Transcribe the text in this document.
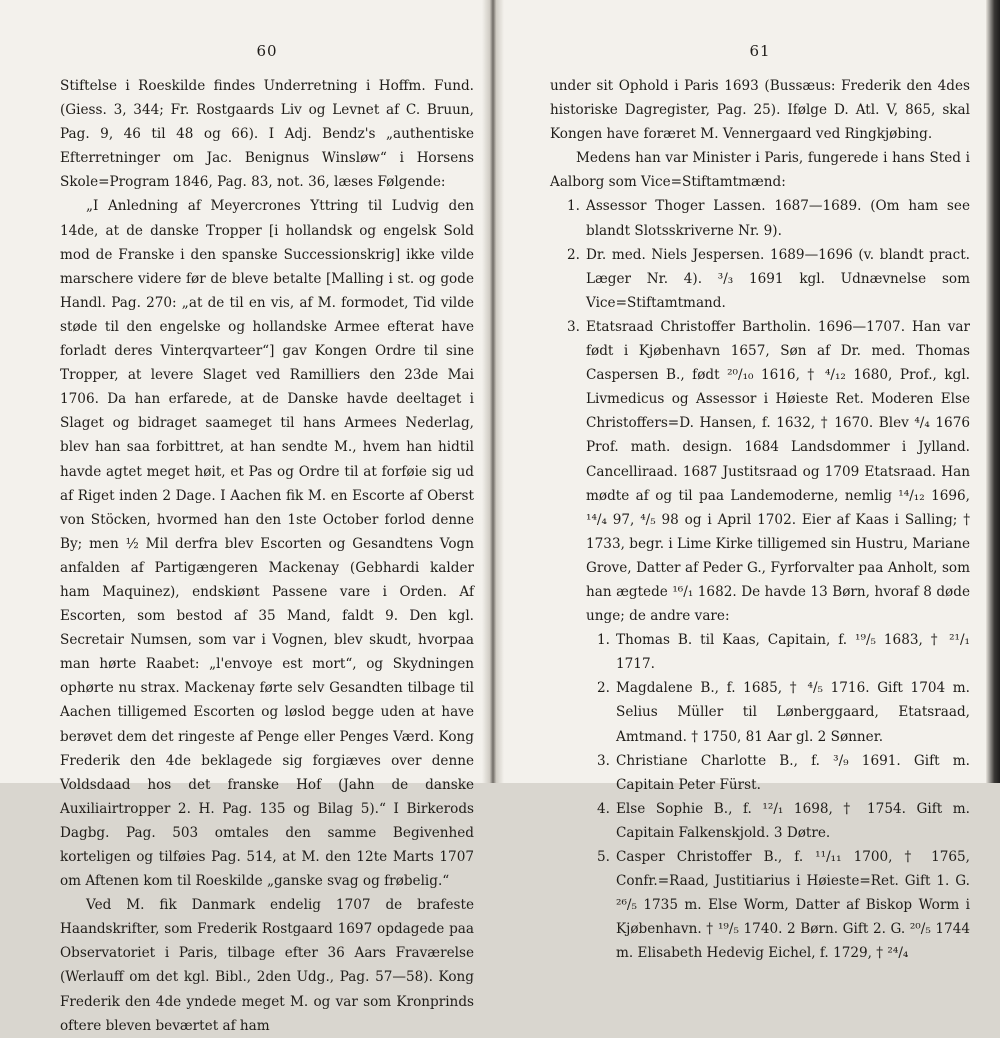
60

Stiftelse i Roeskilde findes Underretning i Hoffm. Fund. (Giess. 3, 344; Fr. Rostgaards Liv og Levnet af C. Bruun, Pag. 9, 46 til 48 og 66). I Adj. Bendz's „authentiske Efterretninger om Jac. Benignus Winsløw“ i Horsens Skole=Program 1846, Pag. 83, not. 36, læses Følgende:

„I Anledning af Meyercrones Yttring til Ludvig den 14de, at de danske Tropper [i hollandsk og engelsk Sold mod de Franske i den spanske Successionskrig] ikke vilde marschere videre før de bleve betalte [Malling i st. og gode Handl. Pag. 270: „at de til en vis, af M. formodet, Tid vilde støde til den engelske og hollandske Armee efterat have forladt deres Vinterqvarteer“] gav Kongen Ordre til sine Tropper, at levere Slaget ved Ramilliers den 23de Mai 1706. Da han erfarede, at de Danske havde deeltaget i Slaget og bidraget saameget til hans Armees Nederlag, blev han saa forbittret, at han sendte M., hvem han hidtil havde agtet meget høit, et Pas og Ordre til at forføie sig ud af Riget inden 2 Dage. I Aachen fik M. en Escorte af Oberst von Stöcken, hvormed han den 1ste October forlod denne By; men ½ Mil derfra blev Escorten og Gesandtens Vogn anfalden af Partigængeren Mackenay (Gebhardi kalder ham Maquinez), endskiønt Passene vare i Orden. Af Escorten, som bestod af 35 Mand, faldt 9. Den kgl. Secretair Numsen, som var i Vognen, blev skudt, hvorpaa man hørte Raabet: „l'envoye est mort“, og Skydningen ophørte nu strax. Mackenay førte selv Gesandten tilbage til Aachen tilligemed Escorten og løslod begge uden at have berøvet dem det ringeste af Penge eller Penges Værd. Kong Frederik den 4de beklagede sig forgiæves over denne Voldsdaad hos det franske Hof (Jahn de danske Auxiliairtropper 2. H. Pag. 135 og Bilag 5).“ I Birkerods Dagbg. Pag. 503 omtales den samme Begivenhed korteligen og tilføies Pag. 514, at M. den 12te Marts 1707 om Aftenen kom til Roeskilde „ganske svag og frøbelig.“

Ved M. fik Danmark endelig 1707 de brafeste Haandskrifter, som Frederik Rostgaard 1697 opdagede paa Observatoriet i Paris, tilbage efter 36 Aars Fraværelse (Werlauff om det kgl. Bibl., 2den Udg., Pag. 57—58). Kong Frederik den 4de yndede meget M. og var som Kronprinds oftere bleven beværtet af ham

61

under sit Ophold i Paris 1693 (Bussæus: Frederik den 4des historiske Dagregister, Pag. 25). Ifølge D. Atl. V, 865, skal Kongen have foræret M. Vennergaard ved Ringkjøbing.

Medens han var Minister i Paris, fungerede i hans Sted i Aalborg som Vice=Stiftamtmænd:

1. Assessor Thoger Lassen. 1687—1689. (Om ham see blandt Slotsskriverne Nr. 9).
2. Dr. med. Niels Jespersen. 1689—1696 (v. blandt pract. Læger Nr. 4). ³/₃ 1691 kgl. Udnævnelse som Vice=Stiftamtmand.
3. Etatsraad Christoffer Bartholin. 1696—1707. Han var født i Kjøbenhavn 1657, Søn af Dr. med. Thomas Caspersen B., født ²⁰/₁₀ 1616, † ⁴/₁₂ 1680, Prof., kgl. Livmedicus og Assessor i Høieste Ret. Moderen Else Christoffers=D. Hansen, f. 1632, † 1670. Blev ⁴/₄ 1676 Prof. math. design. 1684 Landsdommer i Jylland. Cancelliraad. 1687 Justitsraad og 1709 Etatsraad. Han mødte af og til paa Landemoderne, nemlig ¹⁴/₁₂ 1696, ¹⁴/₄ 97, ⁴/₅ 98 og i April 1702. Eier af Kaas i Salling; † 1733, begr. i Lime Kirke tilligemed sin Hustru, Mariane Grove, Datter af Peder G., Fyrforvalter paa Anholt, som han ægtede ¹⁶/₁ 1682. De havde 13 Børn, hvoraf 8 døde unge; de andre vare:
1. Thomas B. til Kaas, Capitain, f. ¹⁹/₅ 1683, † ²¹/₁ 1717.
2. Magdalene B., f. 1685, † ⁴/₅ 1716. Gift 1704 m. Selius Müller til Lønberggaard, Etatsraad, Amtmand. † 1750, 81 Aar gl. 2 Sønner.
3. Christiane Charlotte B., f. ³/₉ 1691. Gift m. Capitain Peter Fürst.
4. Else Sophie B., f. ¹²/₁ 1698, † 1754. Gift m. Capitain Falkenskjold. 3 Døtre.
5. Casper Christoffer B., f. ¹¹/₁₁ 1700, † 1765, Confr.=Raad, Justitiarius i Høieste=Ret. Gift 1. G. ²⁶/₅ 1735 m. Else Worm, Datter af Biskop Worm i Kjøbenhavn. † ¹⁹/₅ 1740. 2 Børn. Gift 2. G. ²⁰/₅ 1744 m. Elisabeth Hedevig Eichel, f. 1729, † ²⁴/₄
